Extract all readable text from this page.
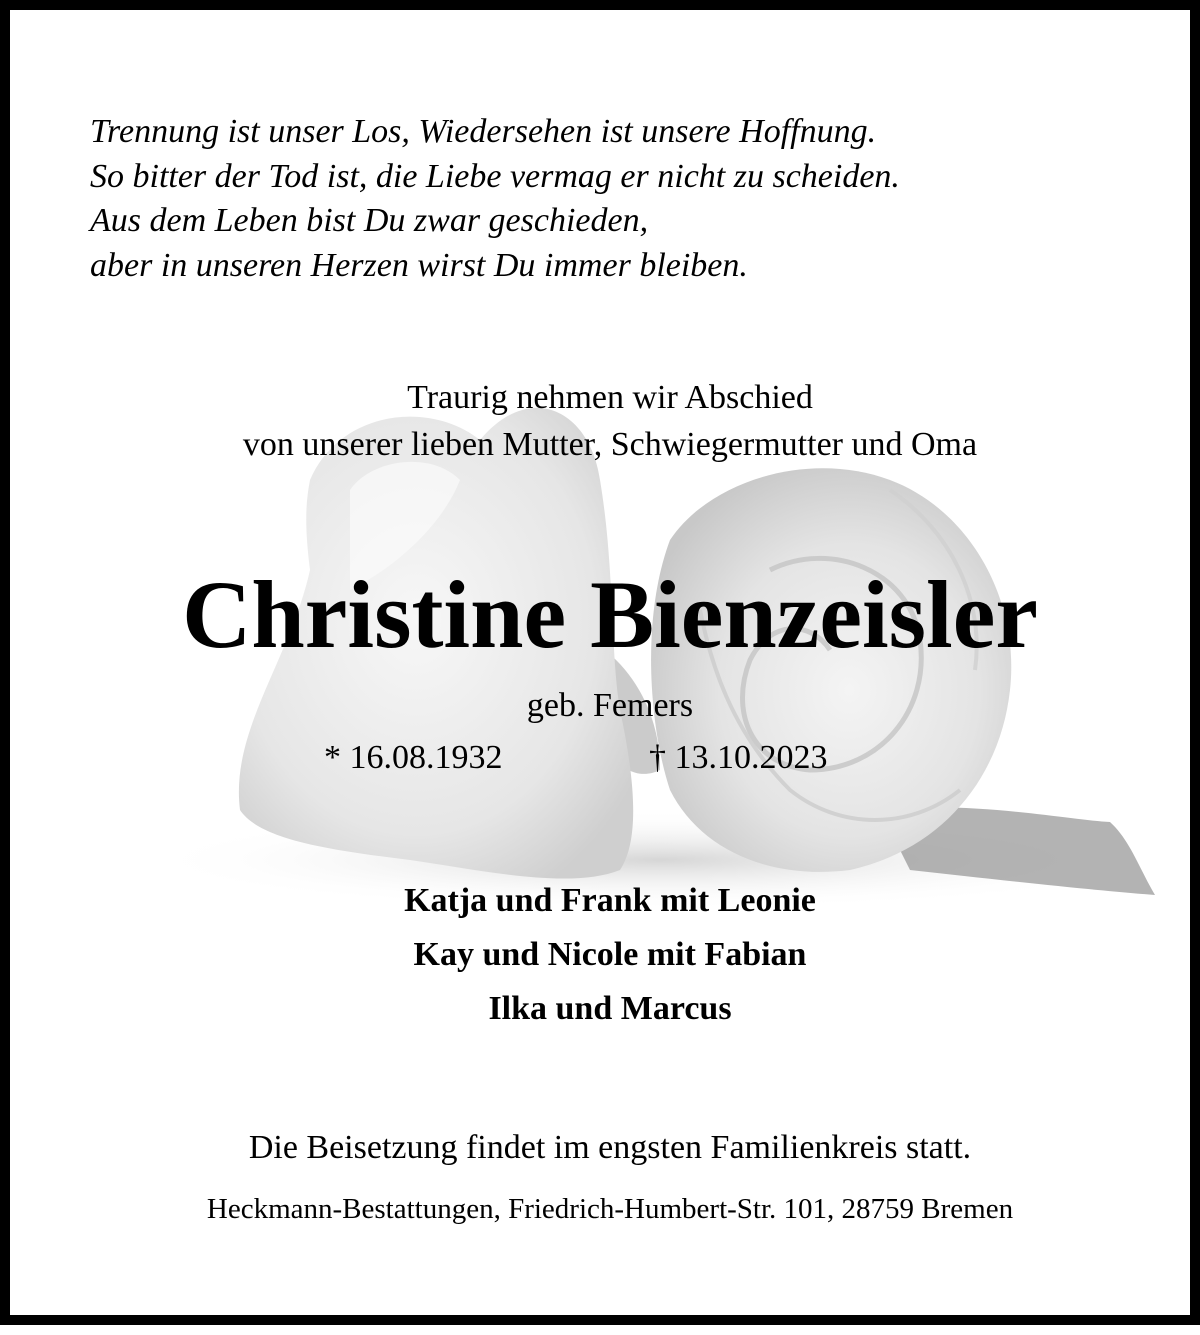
Trennung ist unser Los, Wiedersehen ist unsere Hoffnung.
So bitter der Tod ist, die Liebe vermag er nicht zu scheiden.
Aus dem Leben bist Du zwar geschieden,
aber in unseren Herzen wirst Du immer bleiben.
Traurig nehmen wir Abschied
von unserer lieben Mutter, Schwiegermutter und Oma
Christine Bienzeisler
geb. Femers
* 16.08.1932	† 13.10.2023
Katja und Frank mit Leonie
Kay und Nicole mit Fabian
Ilka und Marcus
Die Beisetzung findet im engsten Familienkreis statt.
Heckmann-Bestattungen, Friedrich-Humbert-Str. 101, 28759 Bremen
